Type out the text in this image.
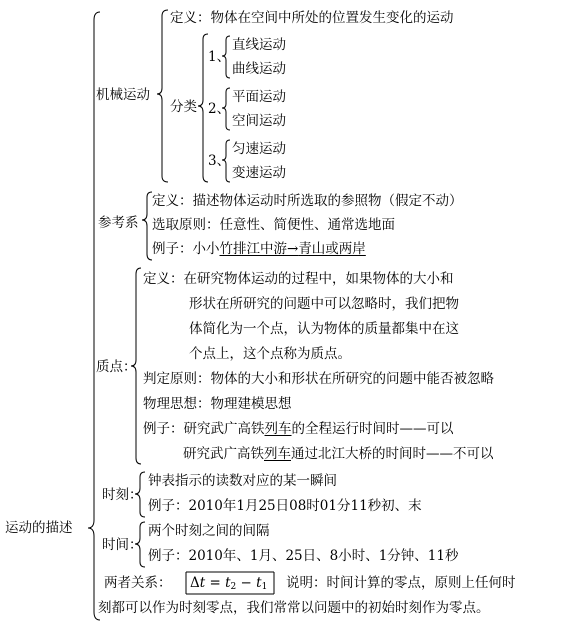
运动的描述
机械运动
定义：物体在空间中所处的位置发生变化的运动
分类
1、
直线运动
曲线运动
2、
平面运动
空间运动
3、
匀速运动
变速运动
参考系
定义：描述物体运动时所选取的参照物（假定不动）
选取原则：任意性、简便性、通常选地面
例子：小小竹排江中游→青山或两岸
质点：
定义：在研究物体运动的过程中，如果物体的大小和
形状在所研究的问题中可以忽略时，我们把物
体简化为一个点，认为物体的质量都集中在这
个点上，这个点称为质点。
判定原则：物体的大小和形状在所研究的问题中能否被忽略
物理思想：物理建模思想
例子：研究武广高铁列车的全程运行时间时——可以
研究武广高铁列车通过北江大桥的时间时——不可以
时刻：
钟表指示的读数对应的某一瞬间
例子：2010年1月25日08时01分11秒初、末
时间：
两个时刻之间的间隔
例子：2010年、1月、25日、8小时、1分钟、11秒
两者关系： $\Delta t = t_2 - t_1$ 说明：时间计算的零点，原则上任何时
刻都可以作为时刻零点，我们常常以问题中的初始时刻作为零点。
